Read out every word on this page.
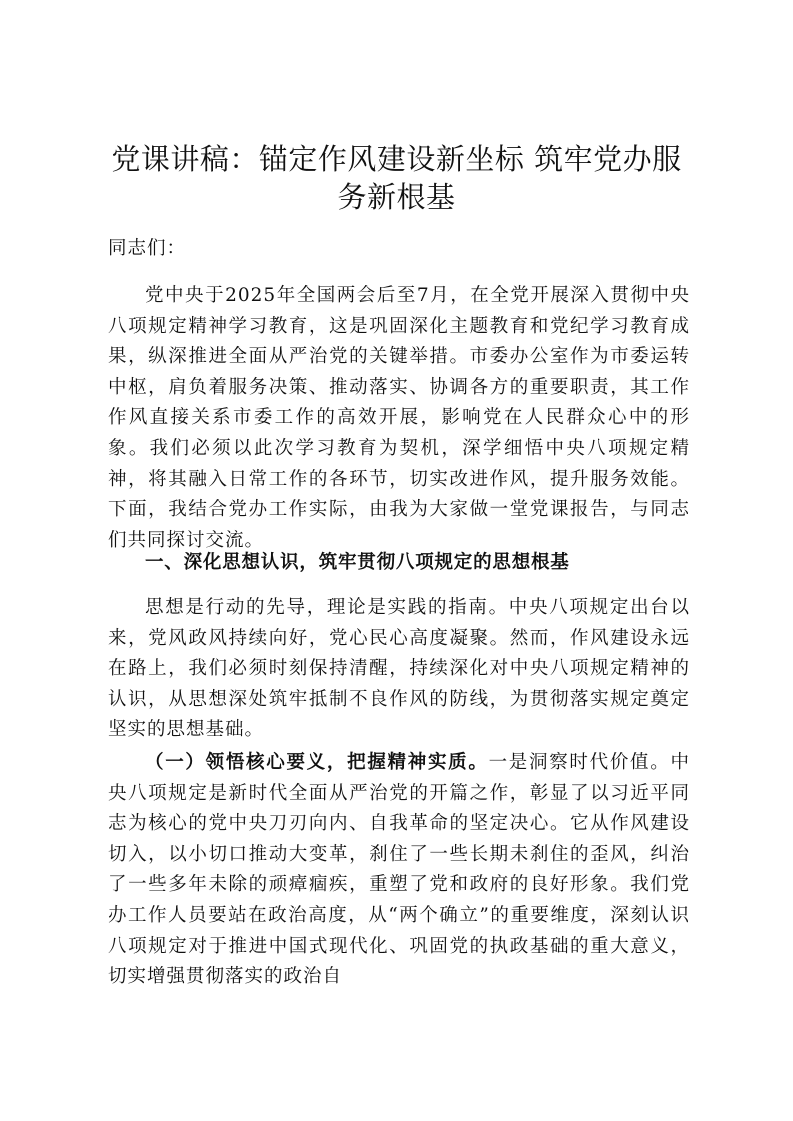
党课讲稿：锚定作风建设新坐标 筑牢党办服务新根基

同志们：

党中央于2025年全国两会后至7月，在全党开展深入贯彻中央八项规定精神学习教育，这是巩固深化主题教育和党纪学习教育成果，纵深推进全面从严治党的关键举措。市委办公室作为市委运转中枢，肩负着服务决策、推动落实、协调各方的重要职责，其工作作风直接关系市委工作的高效开展，影响党在人民群众心中的形象。我们必须以此次学习教育为契机，深学细悟中央八项规定精神，将其融入日常工作的各环节，切实改进作风，提升服务效能。下面，我结合党办工作实际，由我为大家做一堂党课报告，与同志们共同探讨交流。

一、深化思想认识，筑牢贯彻八项规定的思想根基

思想是行动的先导，理论是实践的指南。中央八项规定出台以来，党风政风持续向好，党心民心高度凝聚。然而，作风建设永远在路上，我们必须时刻保持清醒，持续深化对中央八项规定精神的认识，从思想深处筑牢抵制不良作风的防线，为贯彻落实规定奠定坚实的思想基础。

（一）领悟核心要义，把握精神实质。一是洞察时代价值。中央八项规定是新时代全面从严治党的开篇之作，彰显了以习近平同志为核心的党中央刀刃向内、自我革命的坚定决心。它从作风建设切入，以小切口推动大变革，刹住了一些长期未刹住的歪风，纠治了一些多年未除的顽瘴痼疾，重塑了党和政府的良好形象。我们党办工作人员要站在政治高度，从“两个确立”的重要维度，深刻认识八项规定对于推进中国式现代化、巩固党的执政基础的重大意义，切实增强贯彻落实的政治自
